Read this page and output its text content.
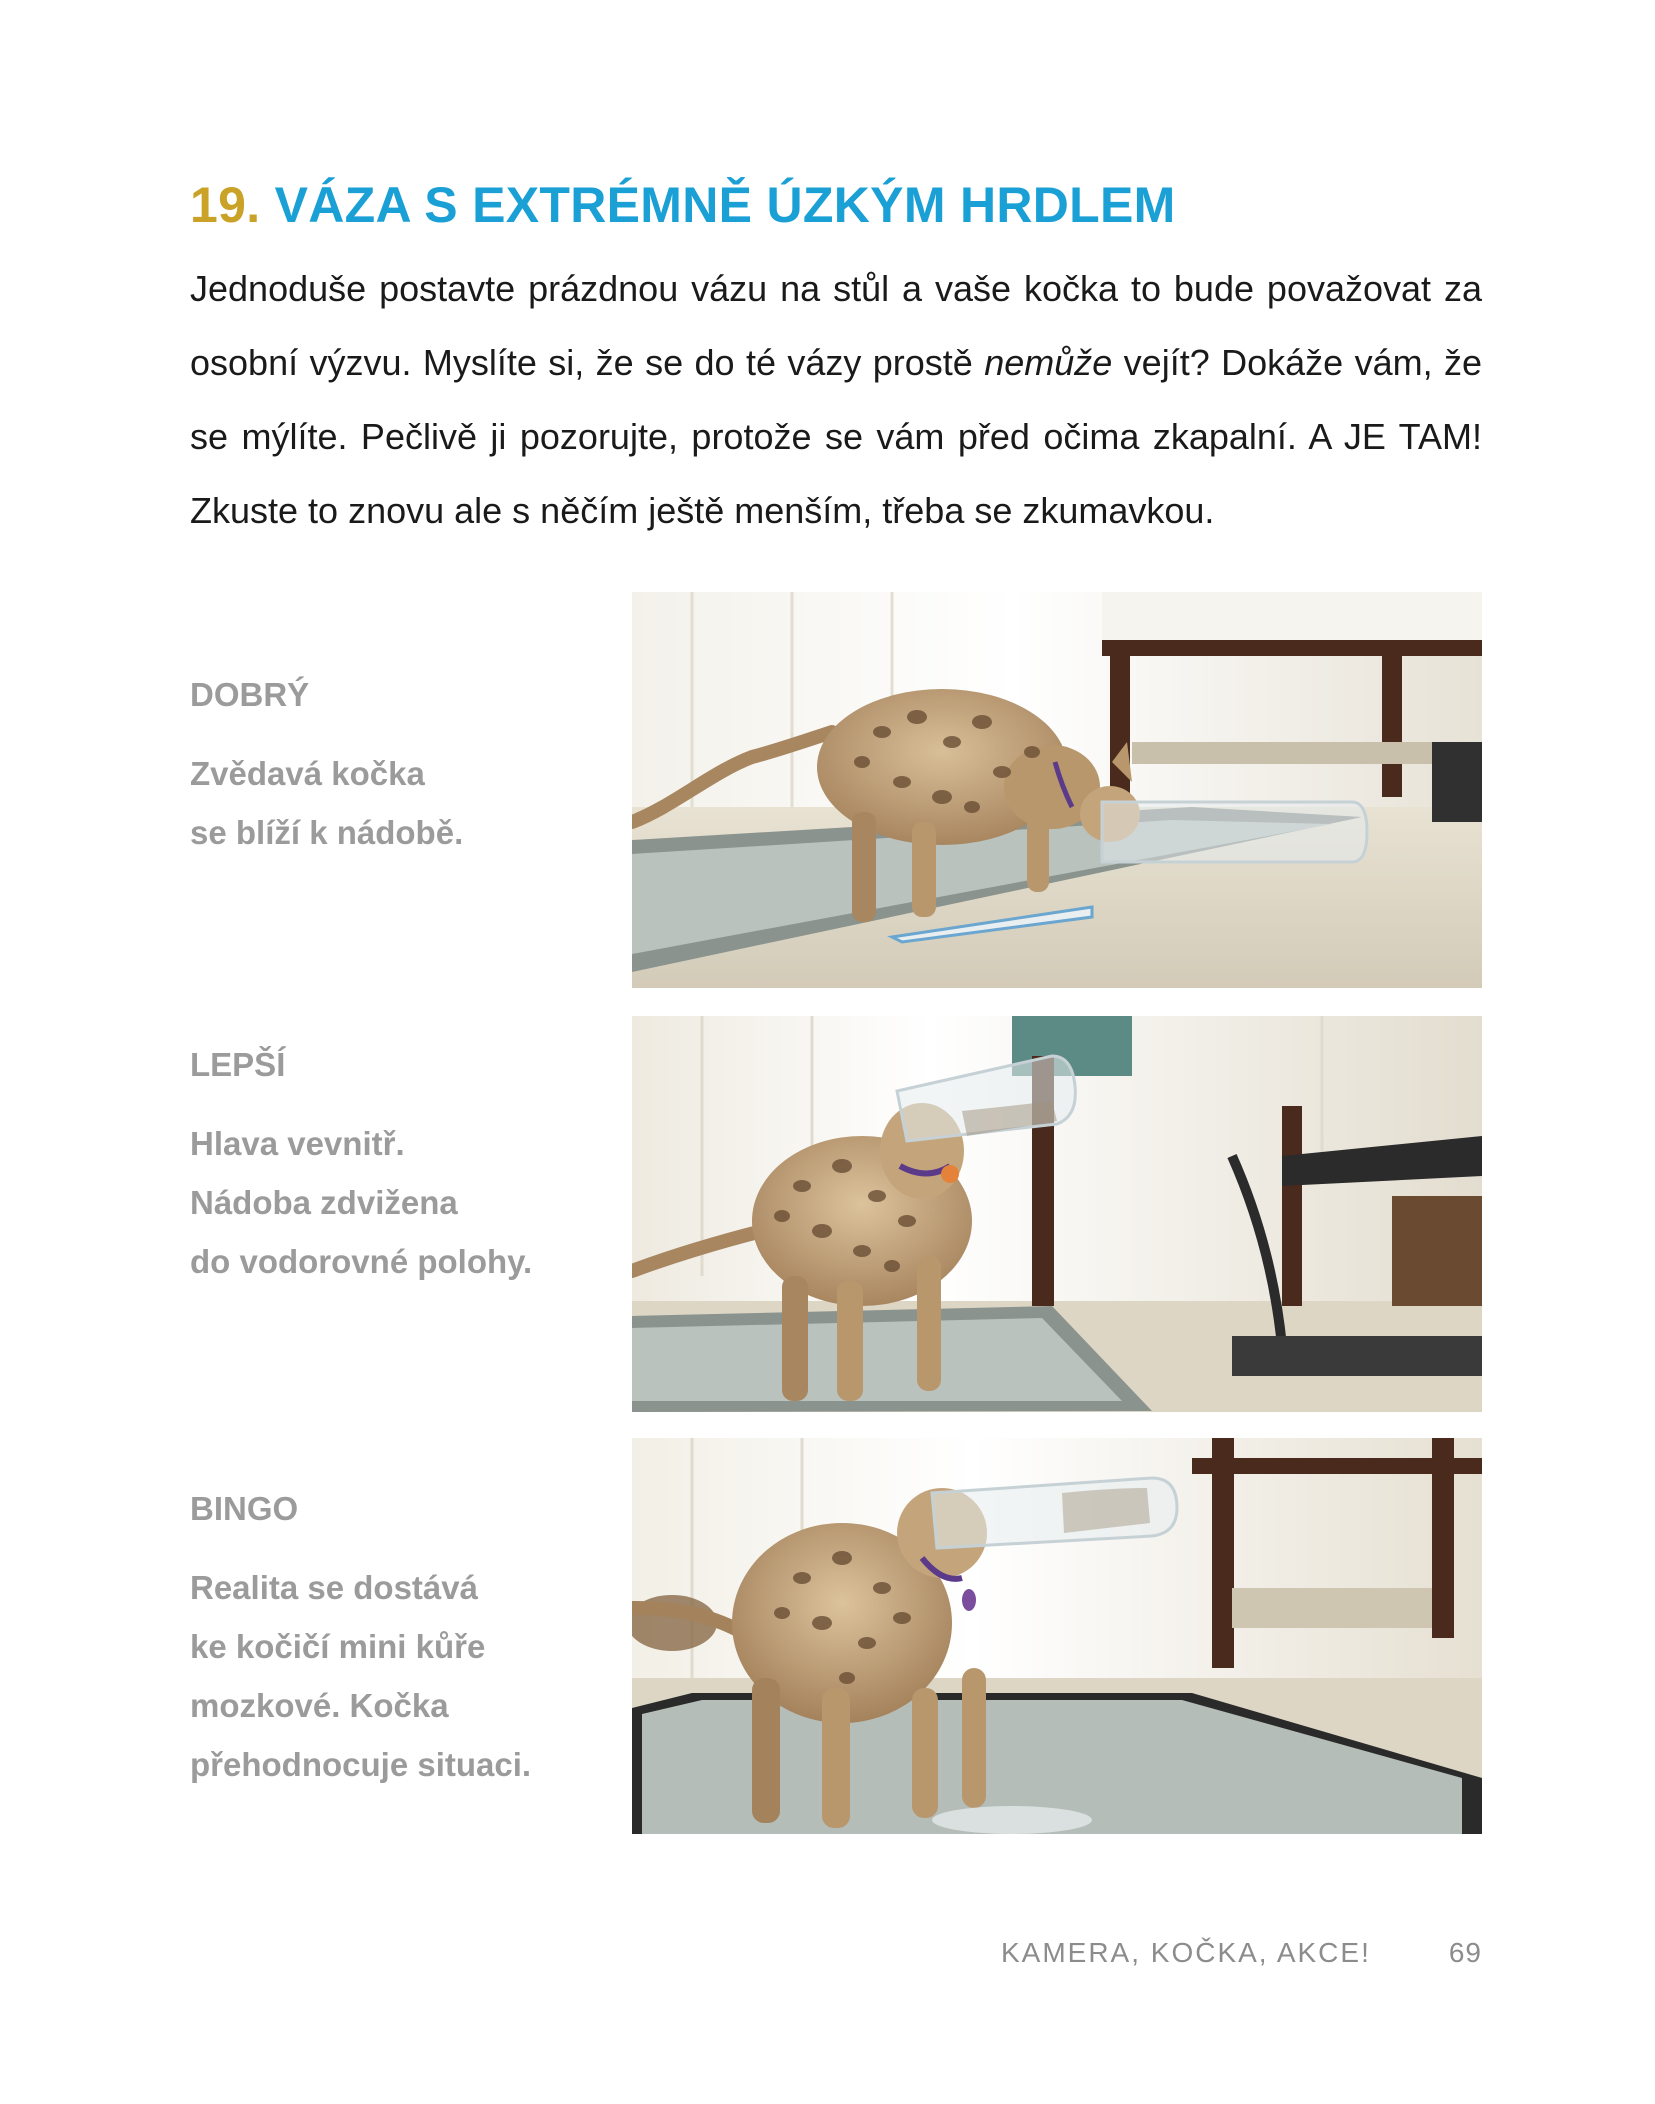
19. VÁZA S EXTRÉMNĚ ÚZKÝM HRDLEM

Jednoduše postavte prázdnou vázu na stůl a vaše kočka to bude považovat za osobní výzvu. Myslíte si, že se do té vázy prostě nemůže vejít? Dokáže vám, že se mýlíte. Pečlivě ji pozorujte, protože se vám před očima zkapalní. A JE TAM! Zkuste to znovu ale s něčím ještě menším, třeba se zkumavkou.

DOBRÝ

Zvědavá kočka
se blíží k nádobě.

LEPŠÍ

Hlava vevnitř.
Nádoba zdvižena
do vodorovné polohy.

BINGO

Realita se dostává
ke kočičí mini kůře
mozkové. Kočka
přehodnocuje situaci.

KAMERA, KOČKA, AKCE!	69
